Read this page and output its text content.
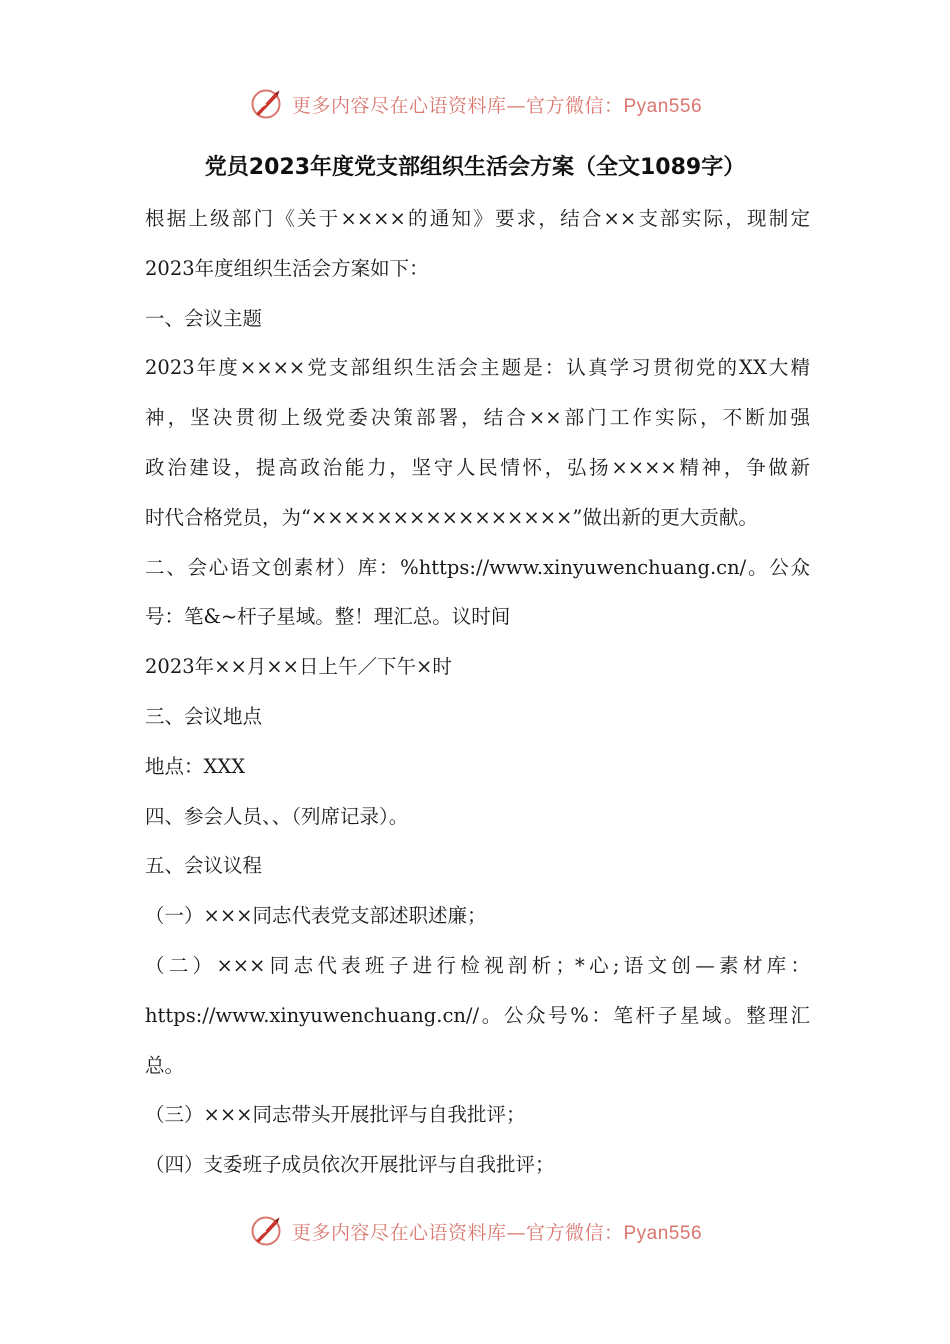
更多内容尽在心语资料库—官方微信：Pyan556
党员2023年度党支部组织生活会方案（全文1089字）
根据上级部门《关于××××的通知》要求，结合××支部实际，现制定
2023年度组织生活会方案如下：
一、会议主题
2023年度××××党支部组织生活会主题是：认真学习贯彻党的XX大精
神，坚决贯彻上级党委决策部署，结合××部门工作实际，不断加强
政治建设，提高政治能力，坚守人民情怀，弘扬××××精神，争做新
时代合格党员，为“××××××××××××××××”做出新的更大贡献。
二、会心语文创素材）库：%https://www.xinyuwenchuang.cn/。公众
号：笔&~杆子星域。整！理汇总。议时间
2023年××月××日上午／下午×时
三、会议地点
地点：XXX
四、参会人员、、（列席记录）。
五、会议议程
（一）×××同志代表党支部述职述廉；
（二）×××同志代表班子进行检视剖析；*心;语文创—素材库：
https://www.xinyuwenchuang.cn//。公众号%：笔杆子星域。整理汇
总。
（三）×××同志带头开展批评与自我批评；
（四）支委班子成员依次开展批评与自我批评；
更多内容尽在心语资料库—官方微信：Pyan556
